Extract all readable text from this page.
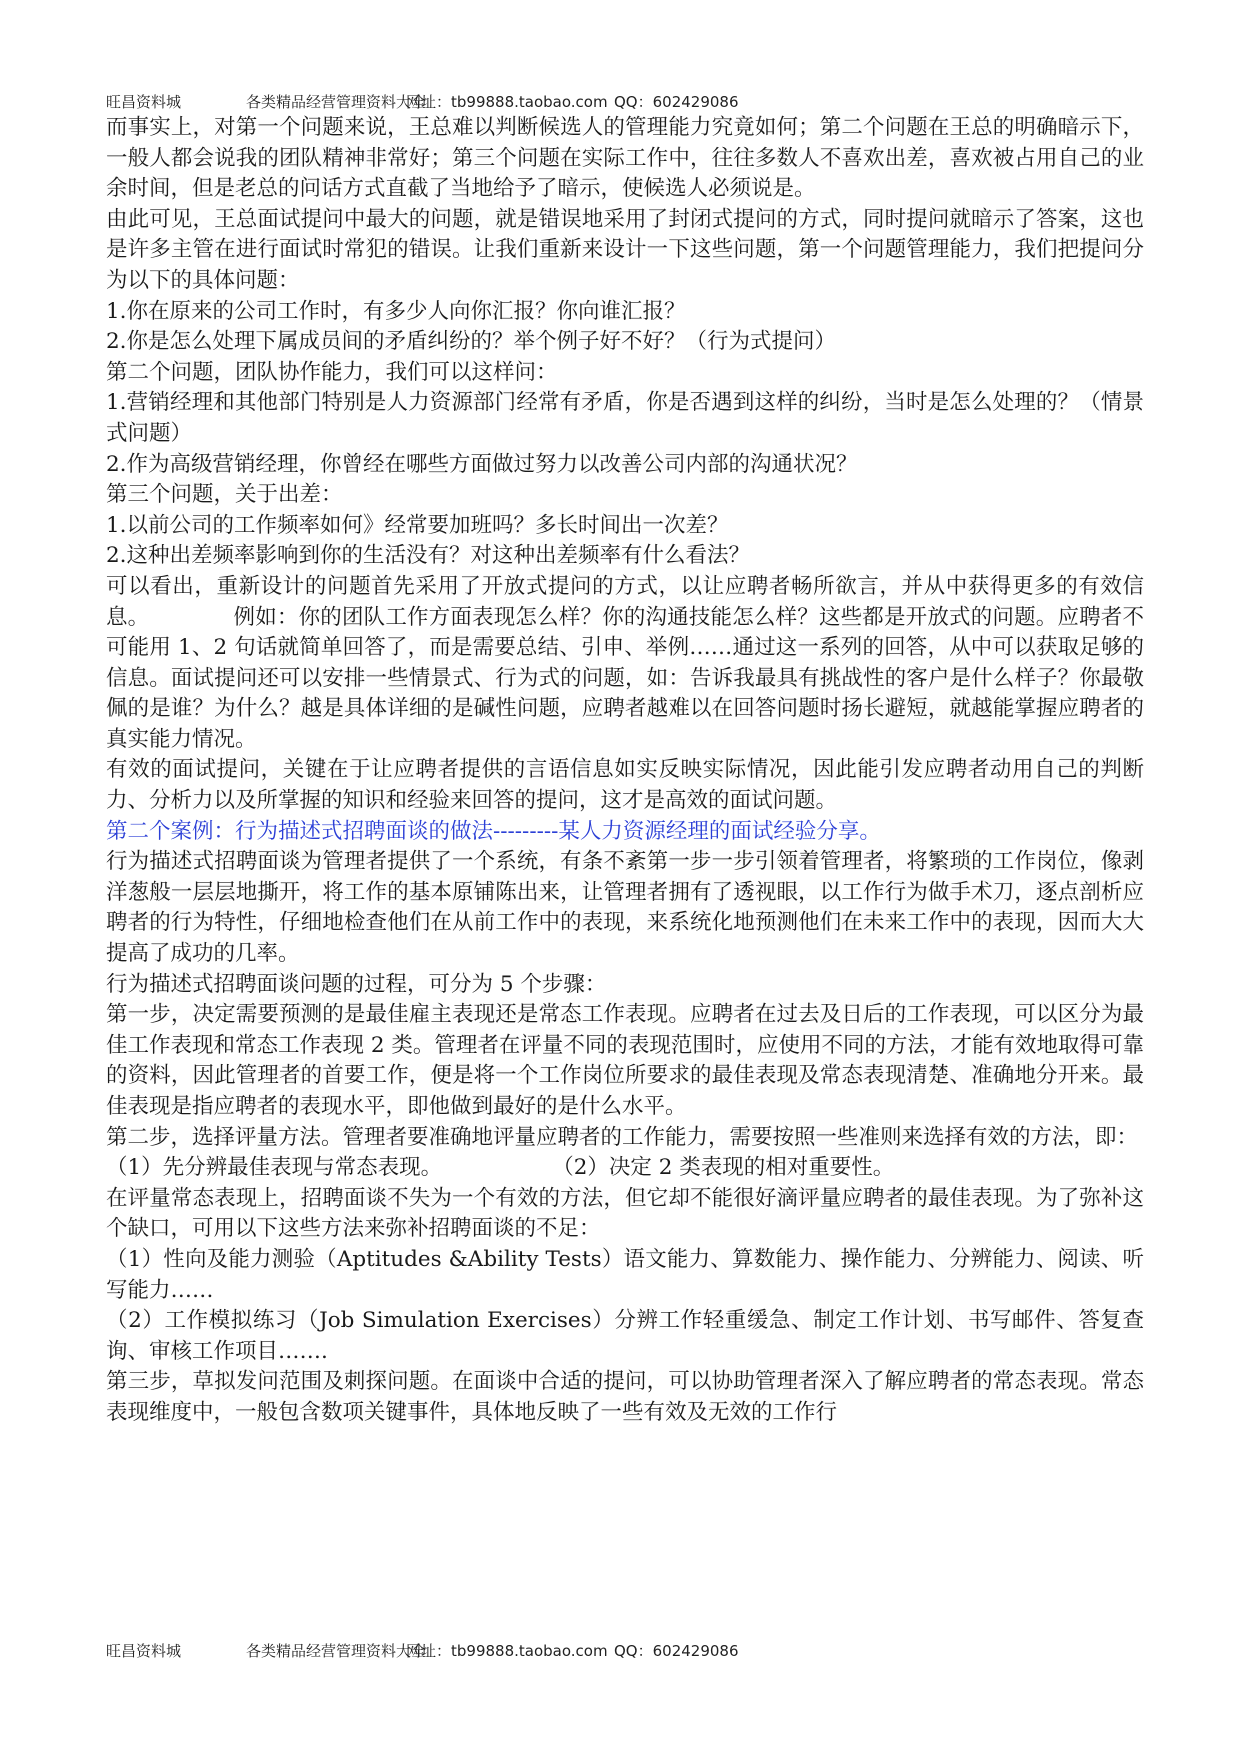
旺昌资料城	各类精品经营管理资料大全网址：tb99888.taobao.com QQ：602429086

而事实上，对第一个问题来说，王总难以判断候选人的管理能力究竟如何；第二个问题在王总的明确暗示下，一般人都会说我的团队精神非常好；第三个问题在实际工作中，往往多数人不喜欢出差，喜欢被占用自己的业余时间，但是老总的问话方式直截了当地给予了暗示，使候选人必须说是。

由此可见，王总面试提问中最大的问题，就是错误地采用了封闭式提问的方式，同时提问就暗示了答案，这也是许多主管在进行面试时常犯的错误。让我们重新来设计一下这些问题，第一个问题管理能力，我们把提问分为以下的具体问题：

1.你在原来的公司工作时，有多少人向你汇报？你向谁汇报？

2.你是怎么处理下属成员间的矛盾纠纷的？举个例子好不好？（行为式提问）

第二个问题，团队协作能力，我们可以这样问：

1.营销经理和其他部门特别是人力资源部门经常有矛盾，你是否遇到这样的纠纷，当时是怎么处理的？（情景式问题）

2.作为高级营销经理，你曾经在哪些方面做过努力以改善公司内部的沟通状况？

第三个问题，关于出差：

1.以前公司的工作频率如何》经常要加班吗？多长时间出一次差？

2.这种出差频率影响到你的生活没有？对这种出差频率有什么看法？

可以看出，重新设计的问题首先采用了开放式提问的方式，以让应聘者畅所欲言，并从中获得更多的有效信息。	例如：你的团队工作方面表现怎么样？你的沟通技能怎么样？这些都是开放式的问题。应聘者不可能用 1、2 句话就简单回答了，而是需要总结、引申、举例……通过这一系列的回答，从中可以获取足够的信息。面试提问还可以安排一些情景式、行为式的问题，如：告诉我最具有挑战性的客户是什么样子？你最敬佩的是谁？为什么？越是具体详细的是碱性问题，应聘者越难以在回答问题时扬长避短，就越能掌握应聘者的真实能力情况。

有效的面试提问，关键在于让应聘者提供的言语信息如实反映实际情况，因此能引发应聘者动用自己的判断力、分析力以及所掌握的知识和经验来回答的提问，这才是高效的面试问题。

第二个案例：行为描述式招聘面谈的做法---------某人力资源经理的面试经验分享。

行为描述式招聘面谈为管理者提供了一个系统，有条不紊第一步一步引领着管理者，将繁琐的工作岗位，像剥洋葱般一层层地撕开，将工作的基本原铺陈出来，让管理者拥有了透视眼，以工作行为做手术刀，逐点剖析应聘者的行为特性，仔细地检查他们在从前工作中的表现，来系统化地预测他们在未来工作中的表现，因而大大提高了成功的几率。

行为描述式招聘面谈问题的过程，可分为 5 个步骤：

第一步，决定需要预测的是最佳雇主表现还是常态工作表现。应聘者在过去及日后的工作表现，可以区分为最佳工作表现和常态工作表现 2 类。管理者在评量不同的表现范围时，应使用不同的方法，才能有效地取得可靠的资料，因此管理者的首要工作，便是将一个工作岗位所要求的最佳表现及常态表现清楚、准确地分开来。最佳表现是指应聘者的表现水平，即他做到最好的是什么水平。

第二步，选择评量方法。管理者要准确地评量应聘者的工作能力，需要按照一些准则来选择有效的方法，即：

（1）先分辨最佳表现与常态表现。	（2）决定 2 类表现的相对重要性。

在评量常态表现上，招聘面谈不失为一个有效的方法，但它却不能很好滴评量应聘者的最佳表现。为了弥补这个缺口，可用以下这些方法来弥补招聘面谈的不足：

（1）性向及能力测验（Aptitudes &Ability Tests）语文能力、算数能力、操作能力、分辨能力、阅读、听写能力……

（2）工作模拟练习（Job Simulation Exercises）分辨工作轻重缓急、制定工作计划、书写邮件、答复查询、审核工作项目…….

第三步，草拟发问范围及刺探问题。在面谈中合适的提问，可以协助管理者深入了解应聘者的常态表现。常态表现维度中，一般包含数项关键事件，具体地反映了一些有效及无效的工作行

旺昌资料城	各类精品经营管理资料大全网址：tb99888.taobao.com QQ：602429086
